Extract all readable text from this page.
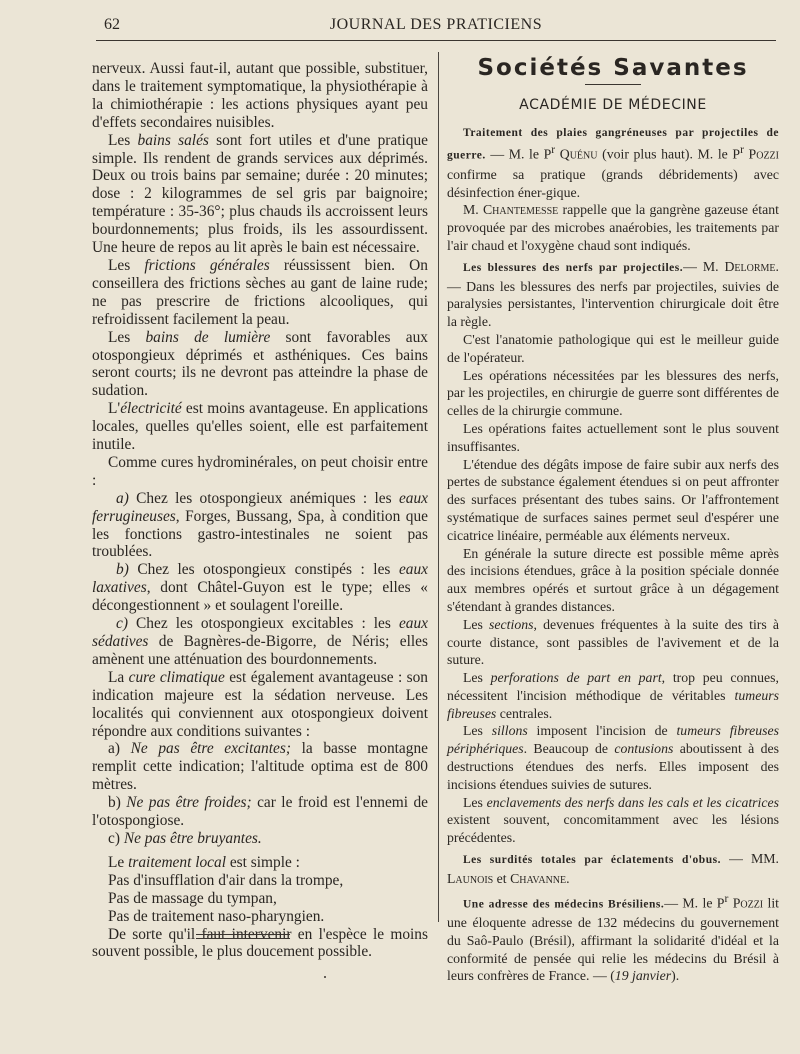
62	JOURNAL DES PRATICIENS

nerveux. Aussi faut-il, autant que possible, substituer, dans le traitement symptomatique, la physiothérapie à la chimiothérapie : les actions physiques ayant peu d'effets secondaires nuisibles.

Les bains salés sont fort utiles et d'une pratique simple. Ils rendent de grands services aux déprimés. Deux ou trois bains par semaine; durée : 20 minutes; dose : 2 kilogrammes de sel gris par baignoire; température : 35-36°; plus chauds ils accroissent leurs bourdonnements; plus froids, ils les assourdissent. Une heure de repos au lit après le bain est nécessaire.

Les frictions générales réussissent bien. On conseillera des frictions sèches au gant de laine rude; ne pas prescrire de frictions alcooliques, qui refroidissent facilement la peau.

Les bains de lumière sont favorables aux otospongieux déprimés et asthéniques. Ces bains seront courts; ils ne devront pas atteindre la phase de sudation.

L'électricité est moins avantageuse. En applications locales, quelles qu'elles soient, elle est parfaitement inutile.

Comme cures hydrominérales, on peut choisir entre :

a) Chez les otospongieux anémiques : les eaux ferrugineuses, Forges, Bussang, Spa, à condition que les fonctions gastro-intestinales ne soient pas troublées.

b) Chez les otospongieux constipés : les eaux laxatives, dont Châtel-Guyon est le type; elles « décongestionnent » et soulagent l'oreille.

c) Chez les otospongieux excitables : les eaux sédatives de Bagnères-de-Bigorre, de Néris; elles amènent une atténuation des bourdonnements.

La cure climatique est également avantageuse : son indication majeure est la sédation nerveuse. Les localités qui conviennent aux otospongieux doivent répondre aux conditions suivantes :

a) Ne pas être excitantes; la basse montagne remplit cette indication; l'altitude optima est de 800 mètres.

b) Ne pas être froides; car le froid est l'ennemi de l'otospongiose.

c) Ne pas être bruyantes.

Le traitement local est simple :

Pas d'insufflation d'air dans la trompe,

Pas de massage du tympan,

Pas de traitement naso-pharyngien.

De sorte qu'il faut intervenir en l'espèce le moins souvent possible, le plus doucement possible.

Sociétés Savantes
ACADÉMIE DE MÉDECINE

Traitement des plaies gangréneuses par projectiles de guerre. — M. le $P^r$ Quénu (voir plus haut). M. le $P^r$ Pozzi confirme sa pratique (grands débridements) avec désinfection éner-gique.

M. Chantemesse rappelle que la gangrène gazeuse étant provoquée par des microbes anaérobies, les traitements par l'air chaud et l'oxygène chaud sont indiqués.

Les blessures des nerfs par projectiles.— M. Delorme. — Dans les blessures des nerfs par projectiles, suivies de paralysies persistantes, l'intervention chirurgicale doit être la règle.

C'est l'anatomie pathologique qui est le meilleur guide de l'opérateur.

Les opérations nécessitées par les blessures des nerfs, par les projectiles, en chirurgie de guerre sont différentes de celles de la chirurgie commune.

Les opérations faites actuellement sont le plus souvent insuffisantes.

L'étendue des dégâts impose de faire subir aux nerfs des pertes de substance également étendues si on peut affronter des surfaces présentant des tubes sains. Or l'affrontement systématique de surfaces saines permet seul d'espérer une cicatrice linéaire, perméable aux éléments nerveux.

En générale la suture directe est possible même après des incisions étendues, grâce à la position spéciale donnée aux membres opérés et surtout grâce à un dégagement s'étendant à grandes distances.

Les sections, devenues fréquentes à la suite des tirs à courte distance, sont passibles de l'avivement et de la suture.

Les perforations de part en part, trop peu connues, nécessitent l'incision méthodique de véritables tumeurs fibreuses centrales.

Les sillons imposent l'incision de tumeurs fibreuses périphériques. Beaucoup de contusions aboutissent à des destructions étendues des nerfs. Elles imposent des incisions étendues suivies de sutures.

Les enclavements des nerfs dans les cals et les cicatrices existent souvent, concomitamment avec les lésions précédentes.

Les surdités totales par éclatements d'obus. — MM. Launois et Chavanne.

Une adresse des médecins Brésiliens.— M. le $P^r$ Pozzi lit une éloquente adresse de 132 médecins du gouvernement du Saô-Paulo (Brésil), affirmant la solidarité d'idéal et la conformité de pensée qui relie les médecins du Brésil à leurs confrères de France. — (19 janvier).
